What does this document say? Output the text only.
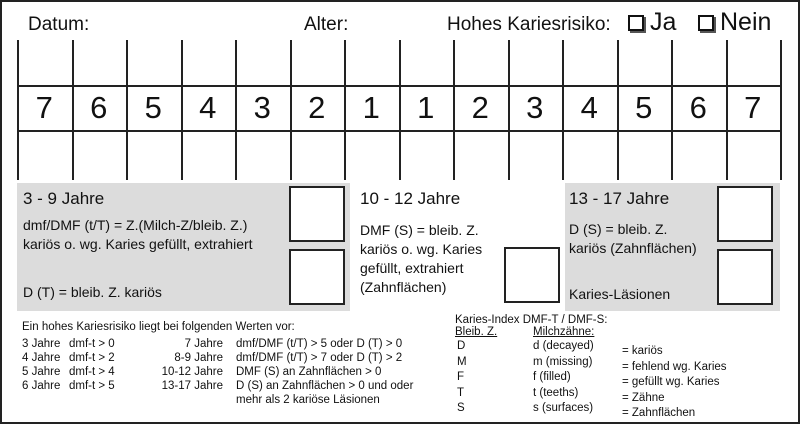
Datum:	Alter:	Hohes Kariesrisiko:	Ja	Nein
7	6	5	4	3	2	1	1	2	3	4	5	6	7
3 - 9 Jahre
dmf/DMF (t/T) = Z.(Milch-Z/bleib. Z.)
kariös o. wg. Karies gefüllt, extrahiert
D (T) = bleib. Z. kariös
10 - 12 Jahre
DMF (S) = bleib. Z.
kariös o. wg. Karies
gefüllt, extrahiert
(Zahnflächen)
13 - 17 Jahre
D (S) = bleib. Z.
kariös (Zahnflächen)
Karies-Läsionen
Ein hohes Kariesrisiko liegt bei folgenden Werten vor:
3 Jahre dmf-t > 0
4 Jahre dmf-t > 2
5 Jahre dmf-t > 4
6 Jahre dmf-t > 5
7 Jahre dmf/DMF (t/T) > 5 oder D (T) > 0
8-9 Jahre dmf/DMF (t/T) > 7 oder D (T) > 2
10-12 Jahre DMF (S) an Zahnflächen > 0
13-17 Jahre D (S) an Zahnflächen > 0 und oder
mehr als 2 kariöse Läsionen
Karies-Index DMF-T / DMF-S:
Bleib. Z.	Milchzähne:
D	d (decayed) = kariös
M	m (missing)	= fehlend wg. Karies
F	f (filled)	= gefüllt wg. Karies
T	t (teeths)	= Zähne
S	s (surfaces)	= Zahnflächen
